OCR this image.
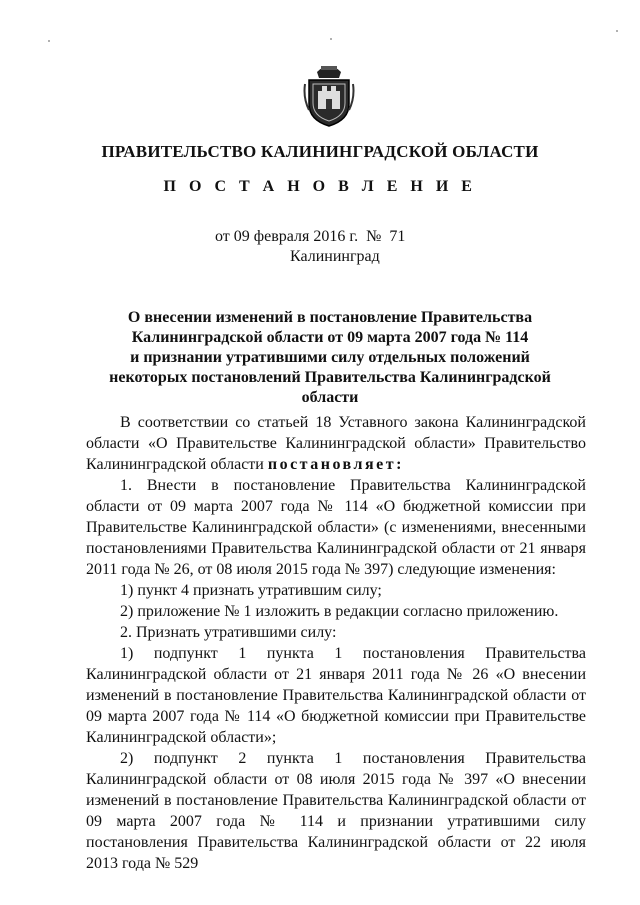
ПРАВИТЕЛЬСТВО КАЛИНИНГРАДСКОЙ ОБЛАСТИ
П О С Т А Н О В Л Е Н И Е
от 09 февраля 2016 г.  №  71
Калининград
О внесении изменений в постановление Правительства
Калининградской области от 09 марта 2007 года № 114
и признании утратившими силу отдельных положений
некоторых постановлений Правительства Калининградской области

В соответствии со статьей 18 Уставного закона Калининградской области «О Правительстве Калининградской области» Правительство Калининградской области постановляет:

1. Внести в постановление Правительства Калининградской области от 09 марта 2007 года № 114 «О бюджетной комиссии при Правительстве Калининградской области» (с изменениями, внесенными постановлениями Правительства Калининградской области от 21 января 2011 года № 26, от 08 июля 2015 года № 397) следующие изменения:

1) пункт 4 признать утратившим силу;

2) приложение № 1 изложить в редакции согласно приложению.

2. Признать утратившими силу:

1) подпункт 1 пункта 1 постановления Правительства Калининградской области от 21 января 2011 года № 26 «О внесении изменений в постановление Правительства Калининградской области от 09 марта 2007 года № 114 «О бюджетной комиссии при Правительстве Калининградской области»;

2) подпункт 2 пункта 1 постановления Правительства Калининградской области от 08 июля 2015 года № 397 «О внесении изменений в постановление Правительства Калининградской области от 09 марта 2007 года № 114 и признании утратившими силу постановления Правительства Калининградской области от 22 июля 2013 года № 529
